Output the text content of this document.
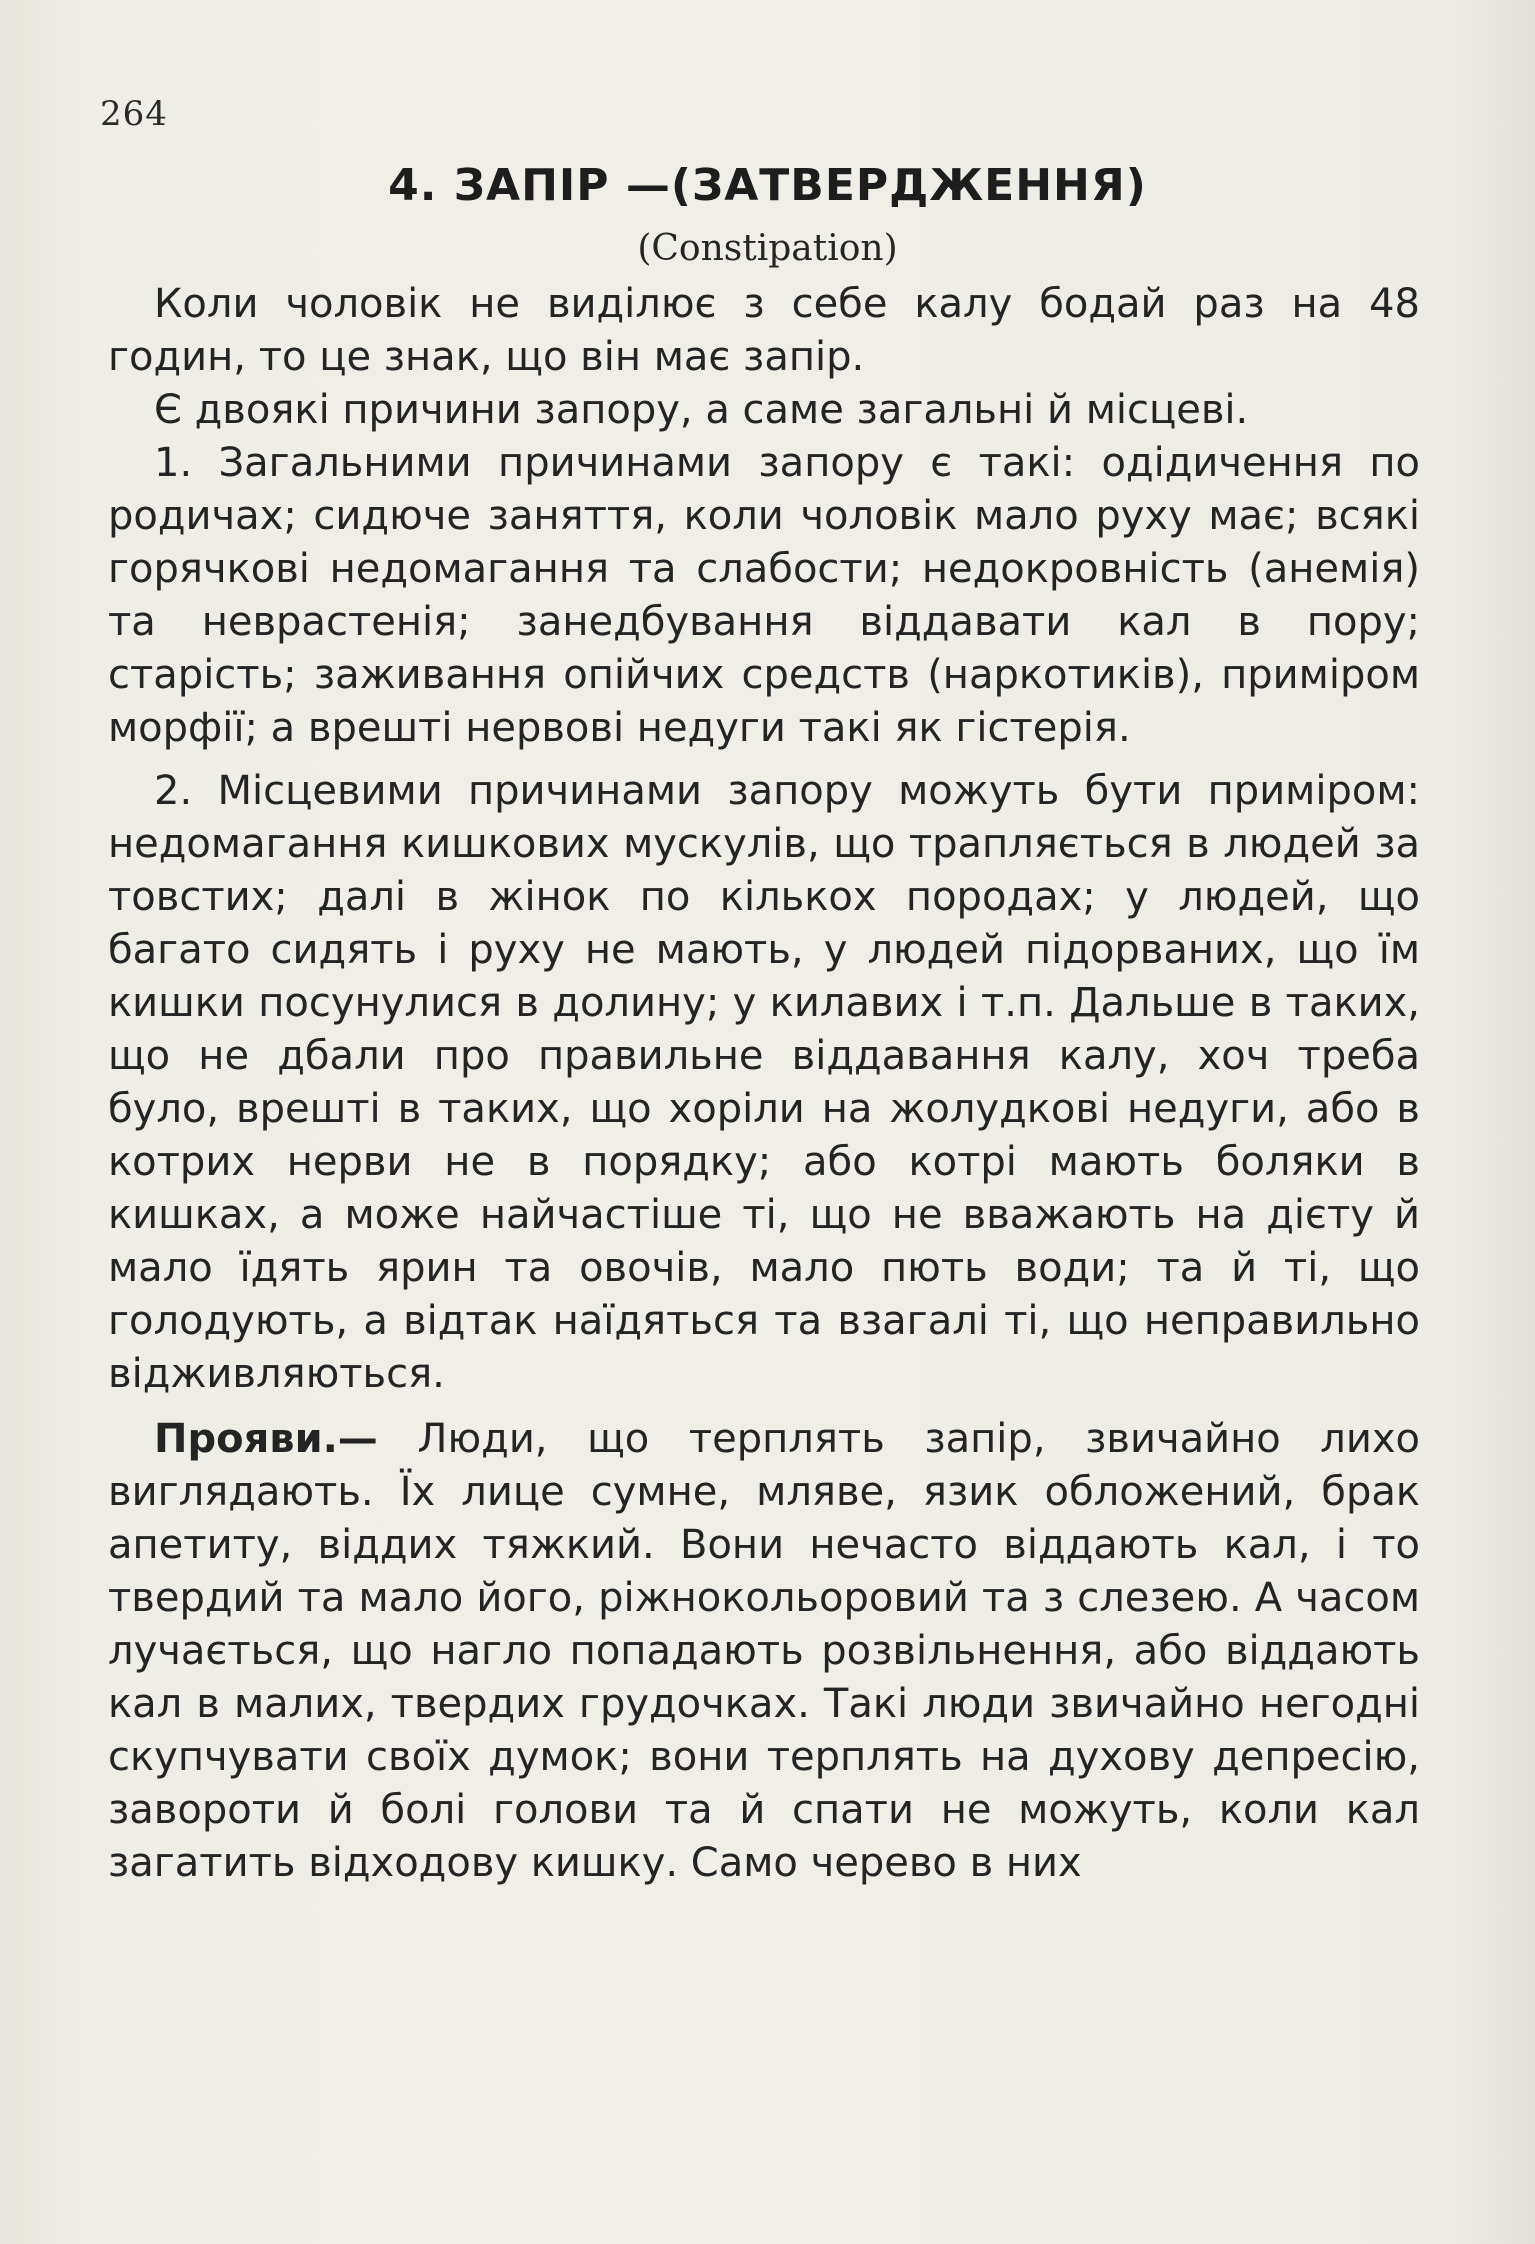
264
4. ЗАПІР —(ЗАТВЕРДЖЕННЯ)
(Constipation)

Коли чоловік не виділює з себе калу бодай раз на 48 годин, то це знак, що він має запір.

Є двоякі причини запору, а саме загальні й місцеві.

1. Загальними причинами запору є такі: одідичення по родичах; сидюче заняття, коли чоловік мало руху має; всякі горячкові недомагання та слабости; недокровність (анемія) та неврастенія; занедбування віддавати кал в пору; старість; заживання опійчих средств (наркотиків), приміром морфії; а врешті нервові недуги такі як гістерія.

2. Місцевими причинами запору можуть бути приміром: недомагання кишкових мускулів, що трапляється в людей за товстих; далі в жінок по кількох породах; у людей, що багато сидять і руху не мають, у людей підорваних, що їм кишки посунулися в долину; у килавих і т.п. Дальше в таких, що не дбали про правильне віддавання калу, хоч треба було, врешті в таких, що хоріли на жолудкові недуги, або в котрих нерви не в порядку; або котрі мають боляки в кишках, а може найчастіше ті, що не вважають на дієту й мало їдять ярин та овочів, мало пють води; та й ті, що голодують, а відтак наїдяться та взагалі ті, що неправильно відживляються.

Прояви.— Люди, що терплять запір, звичайно лихо виглядають. Їх лице сумне, мляве, язик обложений, брак апетиту, віддих тяжкий. Вони нечасто віддають кал, і то твердий та мало його, ріжнокольоровий та з слезею. А часом лучається, що нагло попадають розвільнення, або віддають кал в малих, твердих грудочках. Такі люди звичайно негодні скупчувати своїх думок; вони терплять на духову депресію, завороти й болі голови та й спати не можуть, коли кал загатить відходову кишку. Само черево в них
